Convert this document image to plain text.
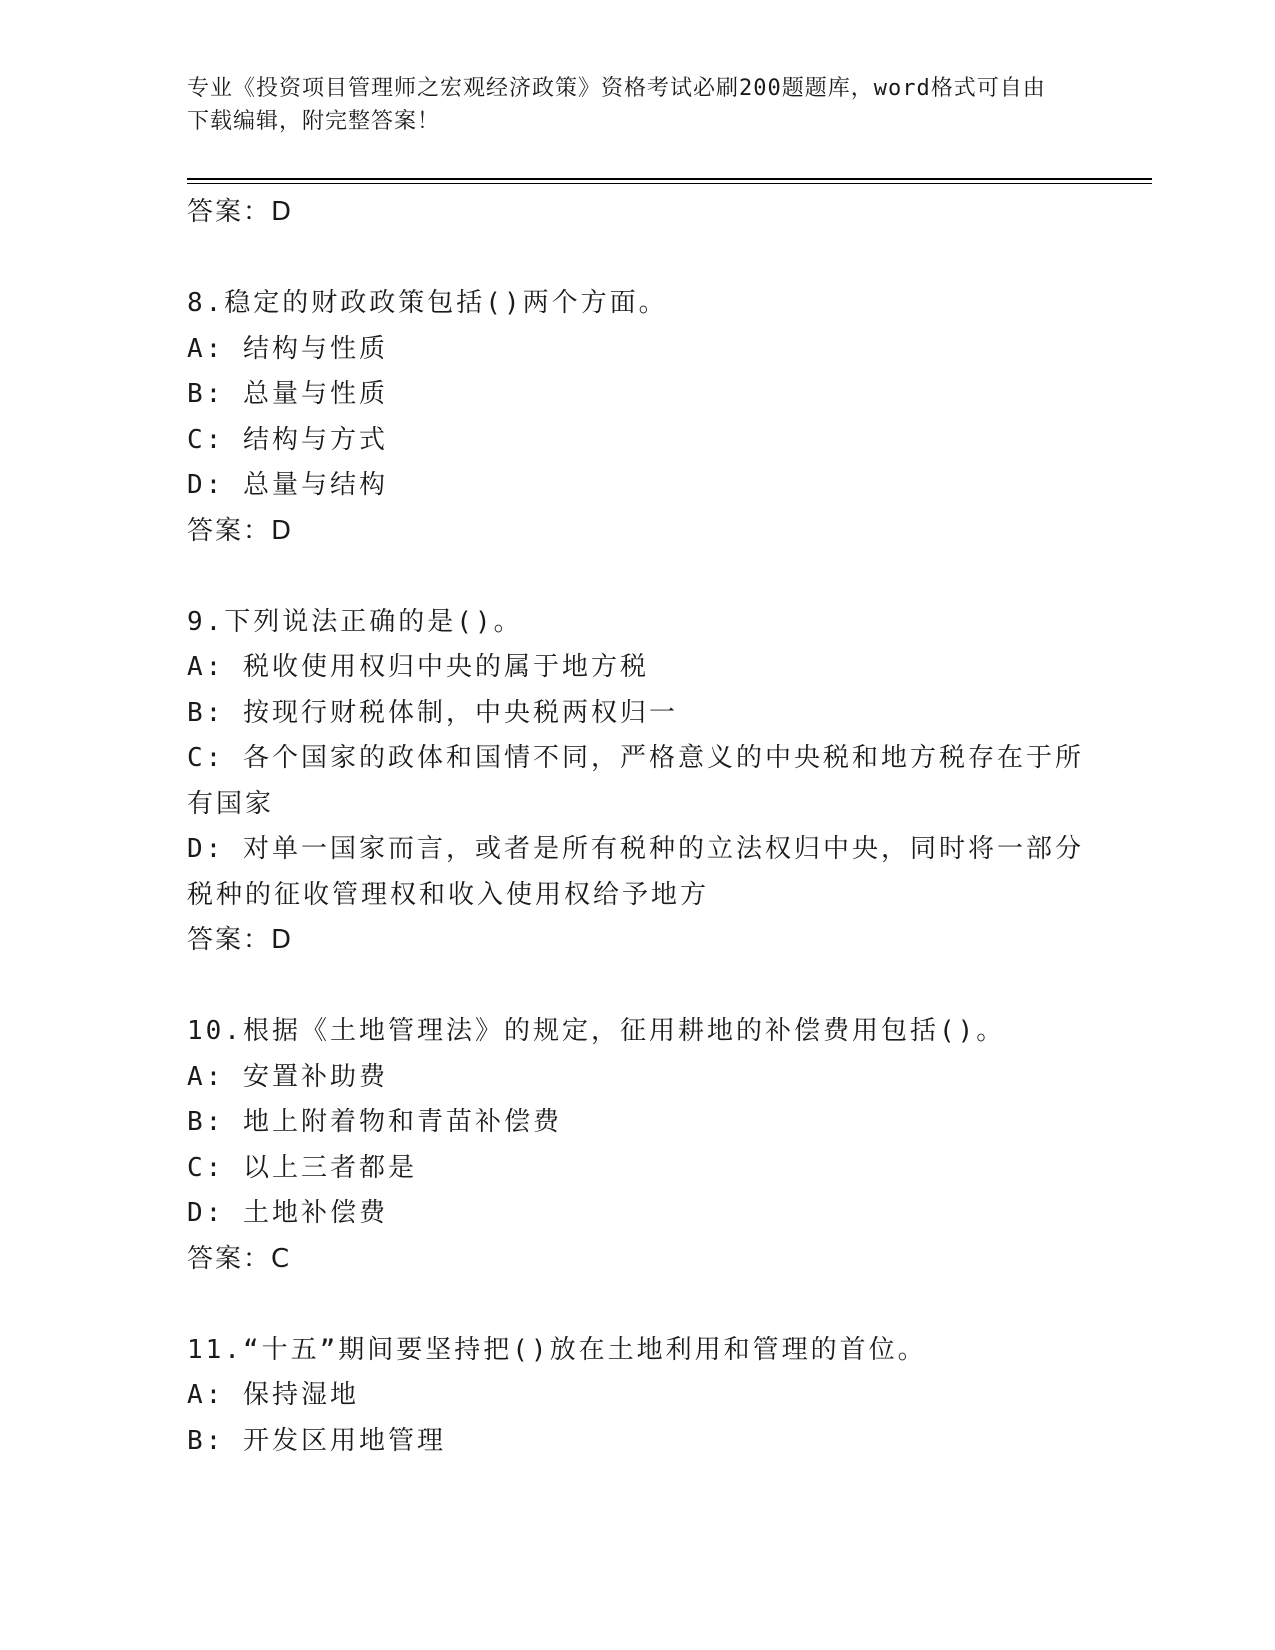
专业《投资项目管理师之宏观经济政策》资格考试必刷200题题库，word格式可自由下载编辑，附完整答案！
答案：D
8.稳定的财政政策包括()两个方面。
A: 结构与性质
B: 总量与性质
C: 结构与方式
D: 总量与结构
答案：D
9.下列说法正确的是()。
A: 税收使用权归中央的属于地方税
B: 按现行财税体制，中央税两权归一
C: 各个国家的政体和国情不同，严格意义的中央税和地方税存在于所有国家
D: 对单一国家而言，或者是所有税种的立法权归中央，同时将一部分税种的征收管理权和收入使用权给予地方
答案：D
10.根据《土地管理法》的规定，征用耕地的补偿费用包括()。
A: 安置补助费
B: 地上附着物和青苗补偿费
C: 以上三者都是
D: 土地补偿费
答案：C
11.“十五”期间要坚持把()放在土地利用和管理的首位。
A: 保持湿地
B: 开发区用地管理
